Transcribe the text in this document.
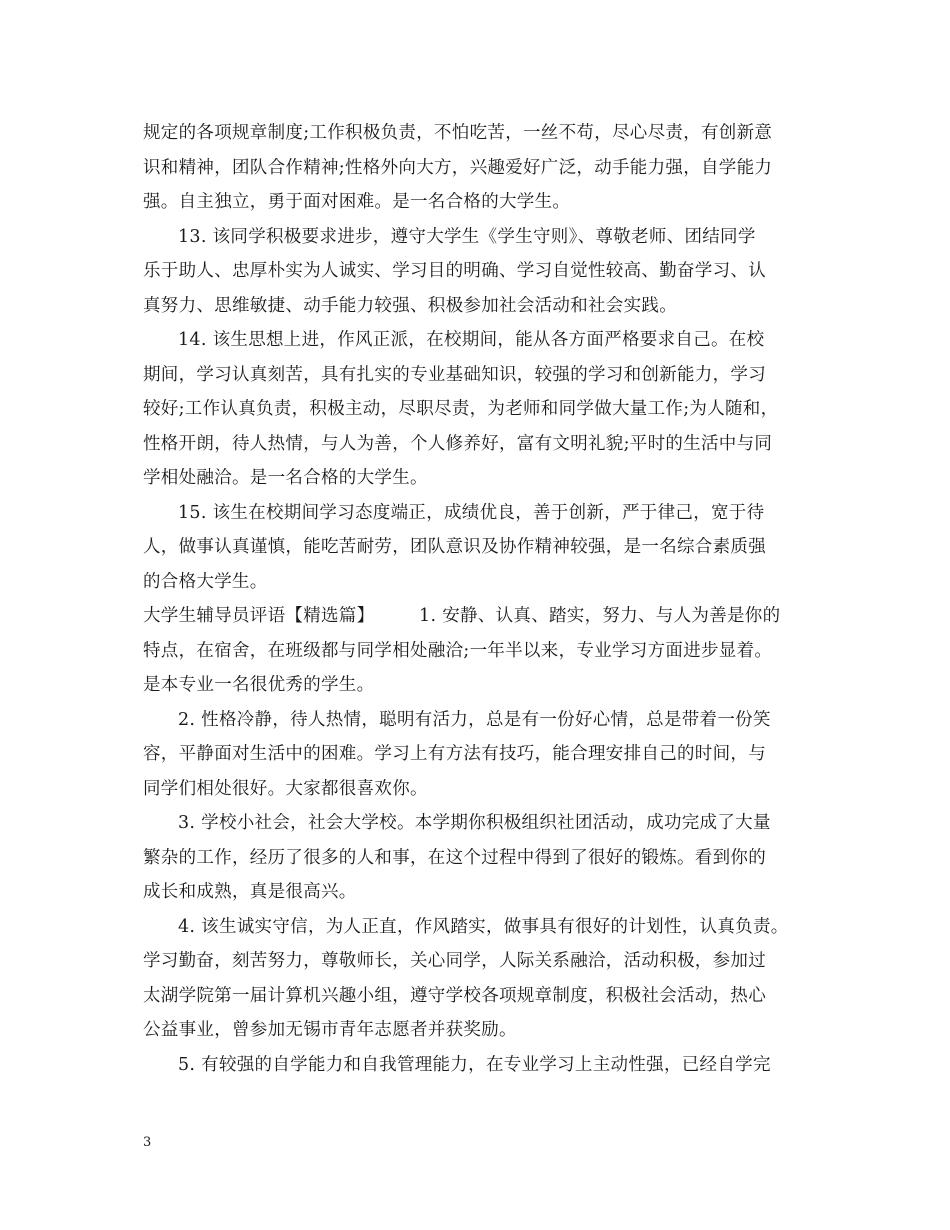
规定的各项规章制度;工作积极负责，不怕吃苦，一丝不苟，尽心尽责，有创新意
识和精神，团队合作精神;性格外向大方，兴趣爱好广泛，动手能力强，自学能力
强。自主独立，勇于面对困难。是一名合格的大学生。
13. 该同学积极要求进步，遵守大学生《学生守则》、尊敬老师、团结同学
乐于助人、忠厚朴实为人诚实、学习目的明确、学习自觉性较高、勤奋学习、认
真努力、思维敏捷、动手能力较强、积极参加社会活动和社会实践。
14. 该生思想上进，作风正派，在校期间，能从各方面严格要求自己。在校
期间，学习认真刻苦，具有扎实的专业基础知识，较强的学习和创新能力，学习
较好;工作认真负责，积极主动，尽职尽责，为老师和同学做大量工作;为人随和，
性格开朗，待人热情，与人为善，个人修养好，富有文明礼貌;平时的生活中与同
学相处融洽。是一名合格的大学生。
15. 该生在校期间学习态度端正，成绩优良，善于创新，严于律己，宽于待
人，做事认真谨慎，能吃苦耐劳，团队意识及协作精神较强，是一名综合素质强
的合格大学生。
大学生辅导员评语【精选篇】　　　1. 安静、认真、踏实，努力、与人为善是你的
特点，在宿舍，在班级都与同学相处融洽;一年半以来，专业学习方面进步显着。
是本专业一名很优秀的学生。
2. 性格冷静，待人热情，聪明有活力，总是有一份好心情，总是带着一份笑
容，平静面对生活中的困难。学习上有方法有技巧，能合理安排自己的时间，与
同学们相处很好。大家都很喜欢你。
3. 学校小社会，社会大学校。本学期你积极组织社团活动，成功完成了大量
繁杂的工作，经历了很多的人和事，在这个过程中得到了很好的锻炼。看到你的
成长和成熟，真是很高兴。
4. 该生诚实守信，为人正直，作风踏实，做事具有很好的计划性，认真负责。
学习勤奋，刻苦努力，尊敬师长，关心同学，人际关系融洽，活动积极，参加过
太湖学院第一届计算机兴趣小组，遵守学校各项规章制度，积极社会活动，热心
公益事业，曾参加无锡市青年志愿者并获奖励。
5. 有较强的自学能力和自我管理能力，在专业学习上主动性强，已经自学完
3
